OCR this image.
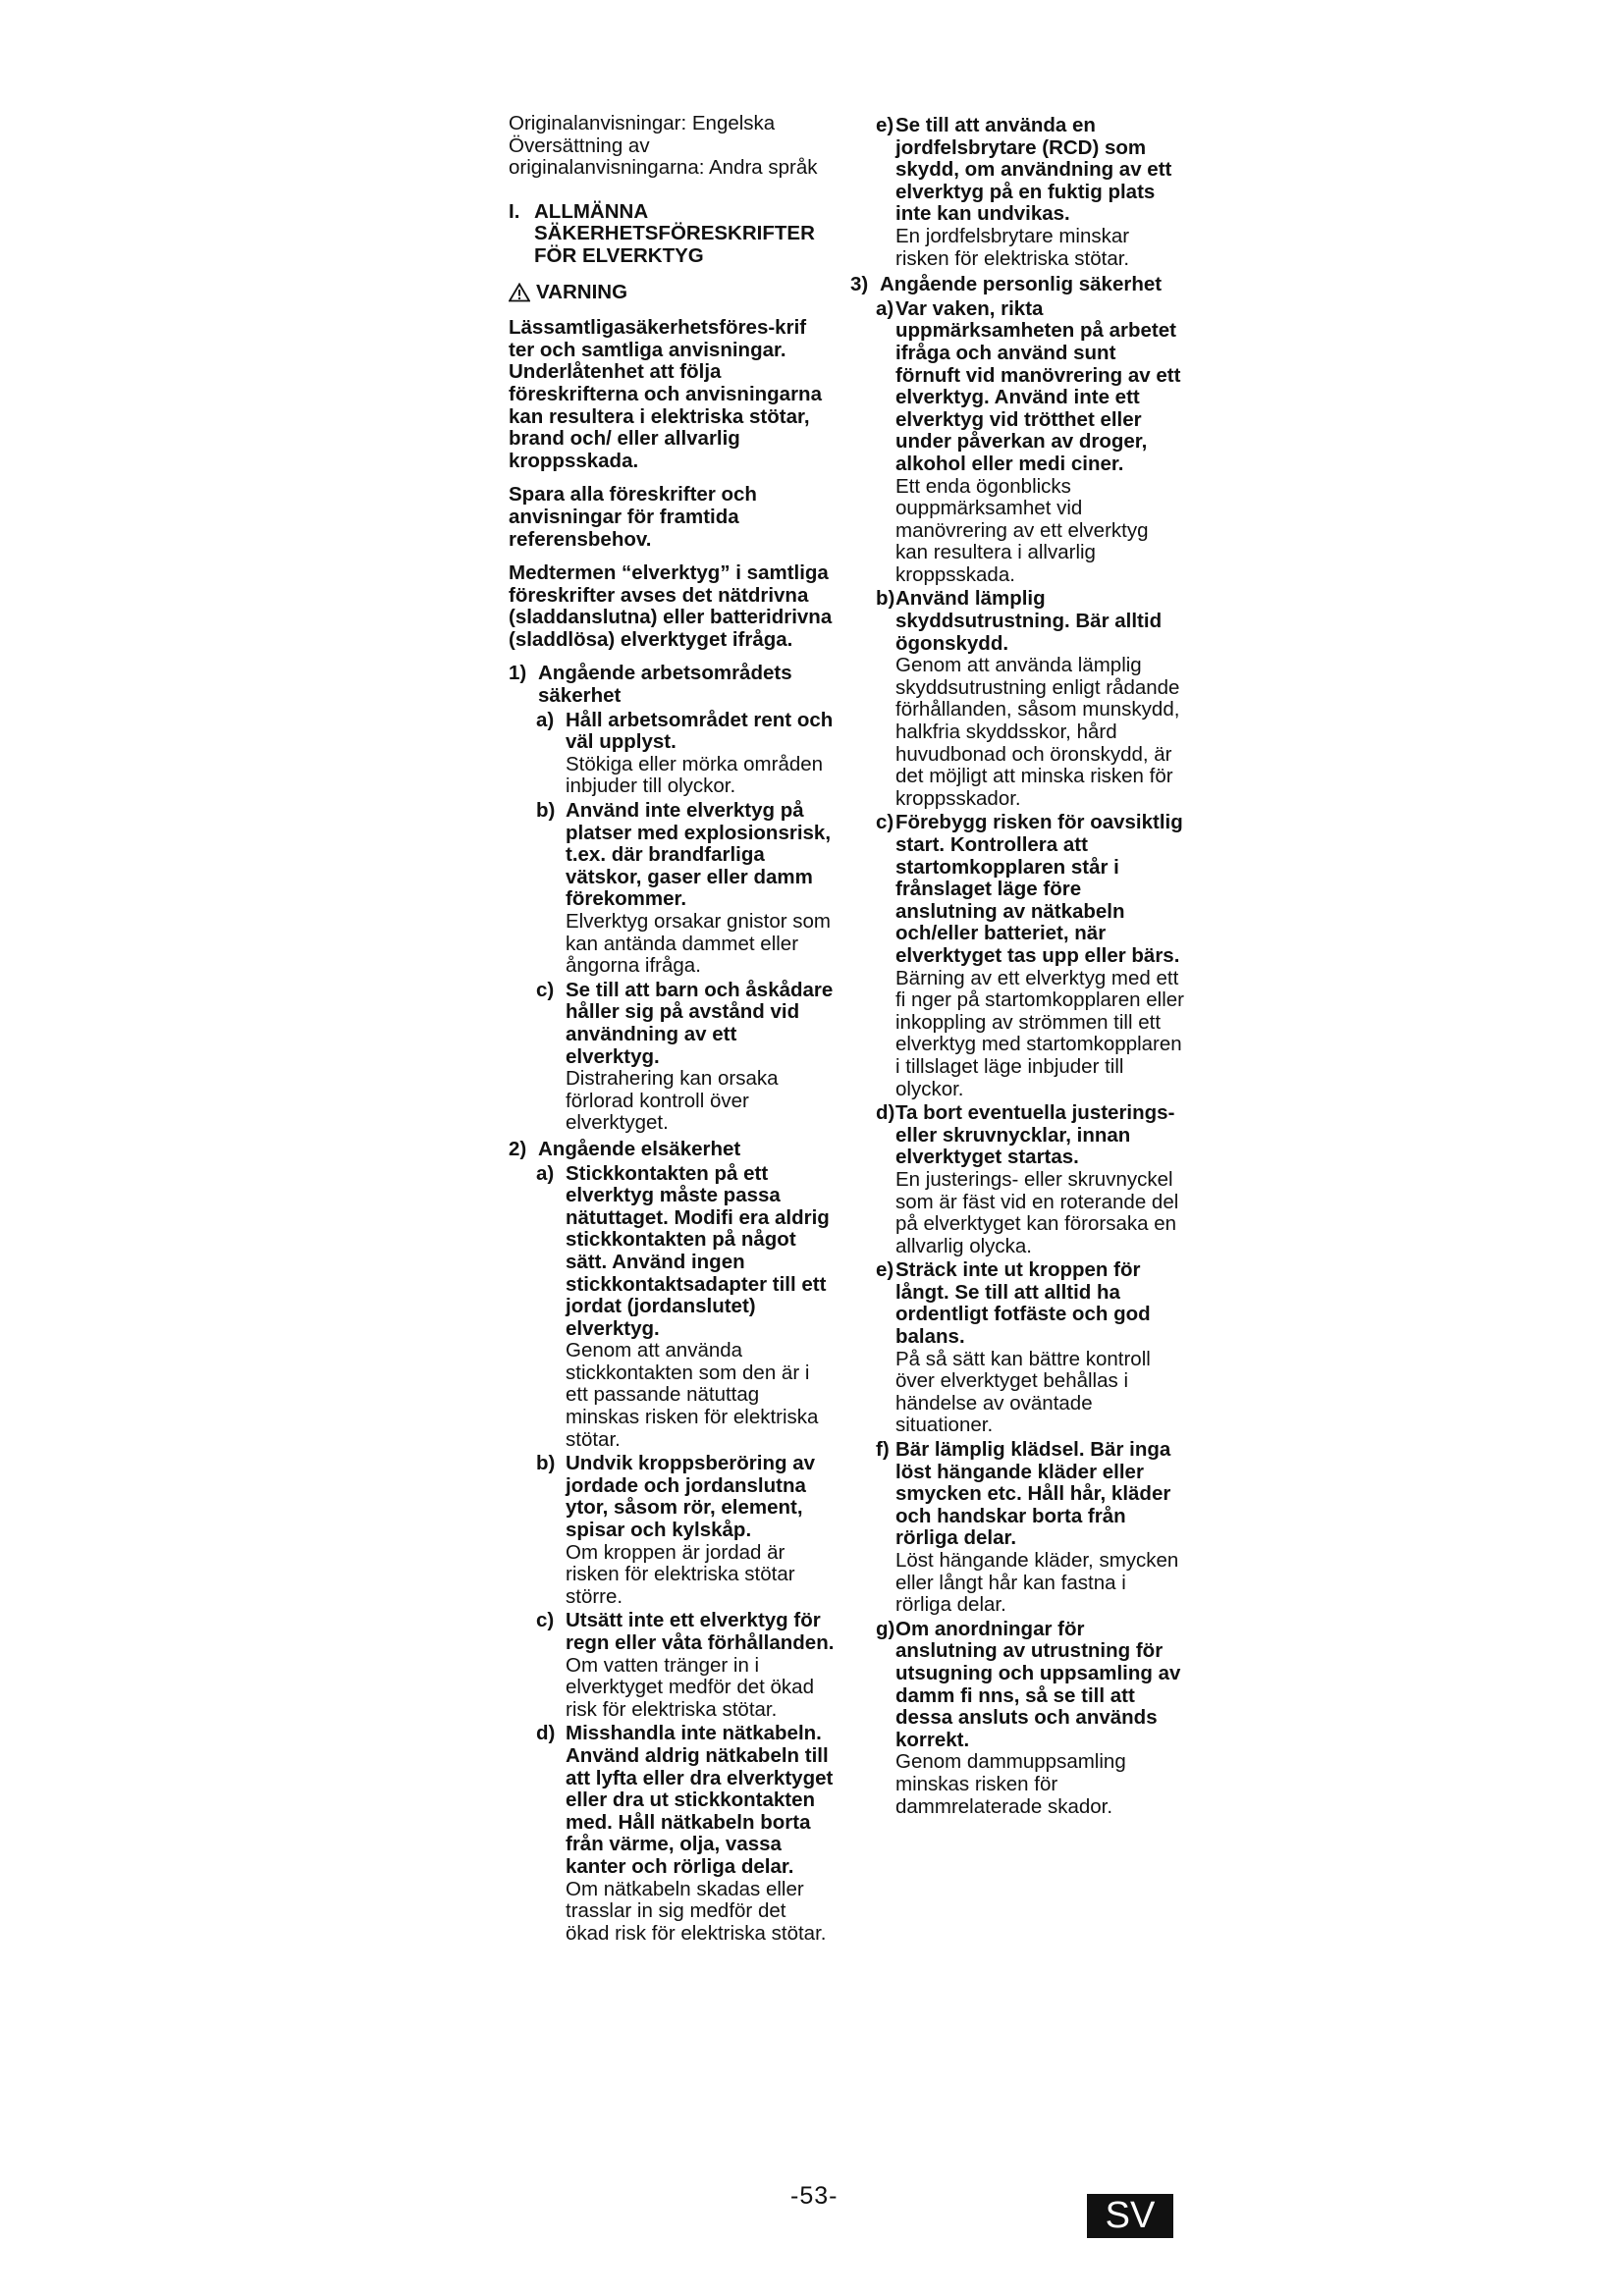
Originalanvisningar: Engelska
Översättning av originalanvisningarna: Andra språk

I. ALLMÄNNA SÄKERHETSFÖRESKRIFTER FÖR ELVERKTYG
VARNING

Lässamtligasäkerhetsföres-krif ter och samtliga anvisningar. Underlåtenhet att följa föreskrifterna och anvisningarna kan resultera i elektriska stötar, brand och/ eller allvarlig kroppsskada.

Spara alla föreskrifter och anvisningar för framtida referensbehov.

Medtermen “elverktyg” i samtliga föreskrifter avses det nätdrivna (sladdanslutna) eller batteridrivna (sladdlösa) elverktyget ifråga.

1) Angående arbetsområdets säkerhet
a) Håll arbetsområdet rent och väl upplyst.
Stökiga eller mörka områden inbjuder till olyckor.
b) Använd inte elverktyg på platser med explosionsrisk, t.ex. där brandfarliga vätskor, gaser eller damm förekommer.
Elverktyg orsakar gnistor som kan antända dammet eller ångorna ifråga.
c) Se till att barn och åskådare håller sig på avstånd vid användning av ett elverktyg.
Distrahering kan orsaka förlorad kontroll över elverktyget.
2) Angående elsäkerhet
a) Stickkontakten på ett elverktyg måste passa nätuttaget. Modifi era aldrig stickkontakten på något sätt. Använd ingen stickkontaktsadapter till ett jordat (jordanslutet) elverktyg.
Genom att använda stickkontakten som den är i ett passande nätuttag minskas risken för elektriska stötar.
b) Undvik kroppsberöring av jordade och jordanslutna ytor, såsom rör, element, spisar och kylskåp.
Om kroppen är jordad är risken för elektriska stötar större.
c) Utsätt inte ett elverktyg för regn eller våta förhållanden.
Om vatten tränger in i elverktyget medför det ökad risk för elektriska stötar.
d) Misshandla inte nätkabeln. Använd aldrig nätkabeln till att lyfta eller dra elverktyget eller dra ut stickkontakten med. Håll nätkabeln borta från värme, olja, vassa kanter och rörliga delar.
Om nätkabeln skadas eller trasslar in sig medför det ökad risk för elektriska stötar.
e) Se till att använda en jordfelsbrytare (RCD) som skydd, om användning av ett elverktyg på en fuktig plats inte kan undvikas.
En jordfelsbrytare minskar risken för elektriska stötar.
3) Angående personlig säkerhet
a) Var vaken, rikta uppmärksamheten på arbetet ifråga och använd sunt förnuft vid manövrering av ett elverktyg. Använd inte ett elverktyg vid trötthet eller under påverkan av droger, alkohol eller medi ciner.
Ett enda ögonblicks ouppmärksamhet vid manövrering av ett elverktyg kan resultera i allvarlig kroppsskada.
b) Använd lämplig skyddsutrustning. Bär alltid ögonskydd.
Genom att använda lämplig skyddsutrustning enligt rådande förhållanden, såsom munskydd, halkfria skyddsskor, hård huvudbonad och öronskydd, är det möjligt att minska risken för kroppsskador.
c) Förebygg risken för oavsiktlig start. Kontrollera att startomkopplaren står i frånslaget läge före anslutning av nätkabeln och/eller batteriet, när elverktyget tas upp eller bärs.
Bärning av ett elverktyg med ett fi nger på startomkopplaren eller inkoppling av strömmen till ett elverktyg med startomkopplaren i tillslaget läge inbjuder till olyckor.
d) Ta bort eventuella justerings- eller skruvnycklar, innan elverktyget startas.
En justerings- eller skruvnyckel som är fäst vid en roterande del på elverktyget kan förorsaka en allvarlig olycka.
e) Sträck inte ut kroppen för långt. Se till att alltid ha ordentligt fotfäste och god balans.
På så sätt kan bättre kontroll över elverktyget behållas i händelse av oväntade situationer.
f) Bär lämplig klädsel. Bär inga löst hängande kläder eller smycken etc. Håll hår, kläder och handskar borta från rörliga delar.
Löst hängande kläder, smycken eller långt hår kan fastna i rörliga delar.
g) Om anordningar för anslutning av utrustning för utsugning och uppsamling av damm fi nns, så se till att dessa ansluts och används korrekt.
Genom dammuppsamling minskas risken för dammrelaterade skador.
-53-	SV
